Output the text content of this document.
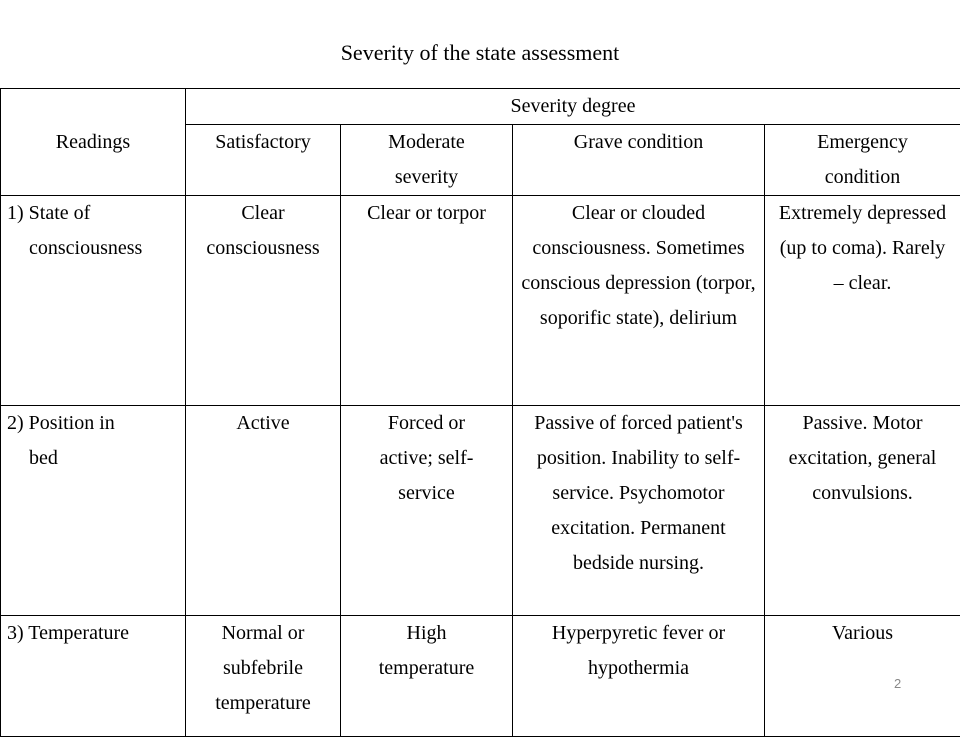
Severity of the state assessment
Readings	Severity degree			
	Satisfactory	Moderate severity	Grave condition	Emergency condition

1) State of
consciousness	Clear consciousness	Clear or torpor	Clear or clouded consciousness. Sometimes conscious depression (torpor, soporific state), delirium	Extremely depressed (up to coma). Rarely – clear.

2) Position in
bed	Active	Forced or active; self-service	Passive of forced patient's position. Inability to self-service. Psychomotor excitation. Permanent bedside nursing.	Passive. Motor excitation, general convulsions.

3) Temperature	Normal or subfebrile temperature	High temperature	Hyperpyretic fever or hypothermia	Various
2
